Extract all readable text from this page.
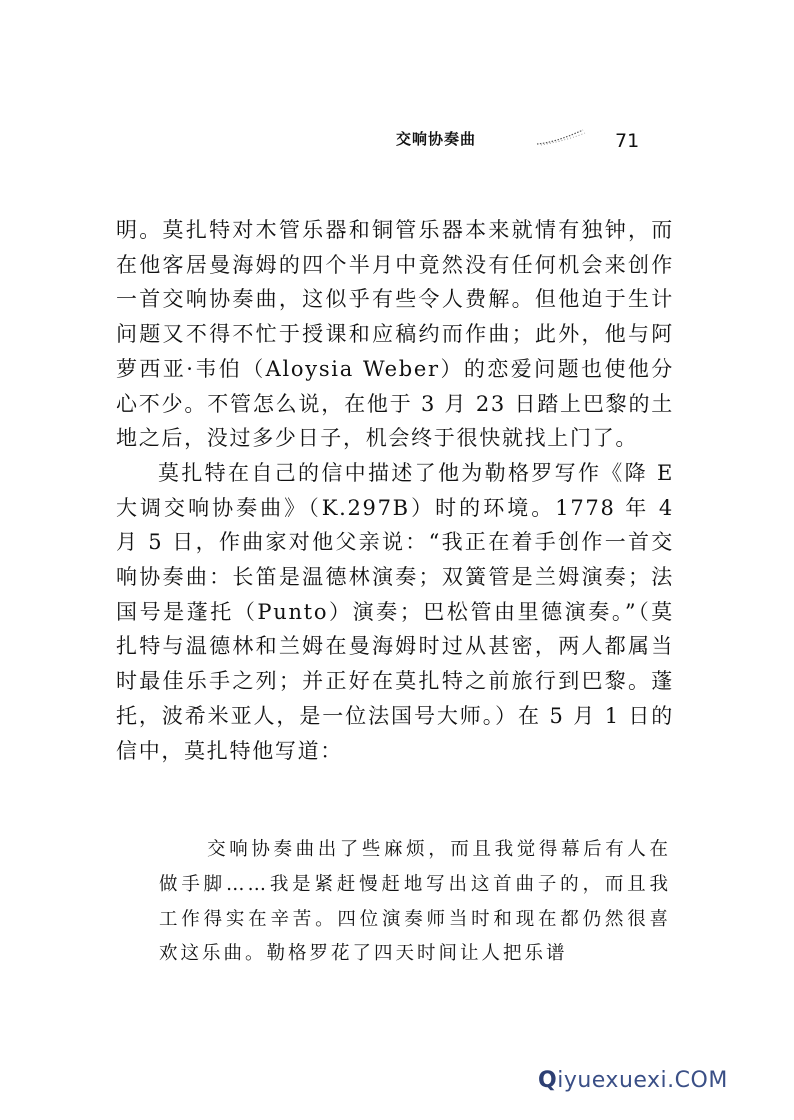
交响协奏曲	71

明。莫扎特对木管乐器和铜管乐器本来就情有独钟，而在他客居曼海姆的四个半月中竟然没有任何机会来创作一首交响协奏曲，这似乎有些令人费解。但他迫于生计问题又不得不忙于授课和应稿约而作曲；此外，他与阿萝西亚·韦伯（Aloysia Weber）的恋爱问题也使他分心不少。不管怎么说，在他于 3 月 23 日踏上巴黎的土地之后，没过多少日子，机会终于很快就找上门了。

莫扎特在自己的信中描述了他为勒格罗写作《降 E 大调交响协奏曲》（K.297B）时的环境。1778 年 4 月 5 日，作曲家对他父亲说：“我正在着手创作一首交响协奏曲：长笛是温德林演奏；双簧管是兰姆演奏；法国号是蓬托（Punto）演奏；巴松管由里德演奏。”（莫扎特与温德林和兰姆在曼海姆时过从甚密，两人都属当时最佳乐手之列；并正好在莫扎特之前旅行到巴黎。蓬托，波希米亚人，是一位法国号大师。）在 5 月 1 日的信中，莫扎特他写道：

交响协奏曲出了些麻烦，而且我觉得幕后有人在做手脚……我是紧赶慢赶地写出这首曲子的，而且我工作得实在辛苦。四位演奏师当时和现在都仍然很喜欢这乐曲。勒格罗花了四天时间让人把乐谱
Qiyuexuexi.COM
